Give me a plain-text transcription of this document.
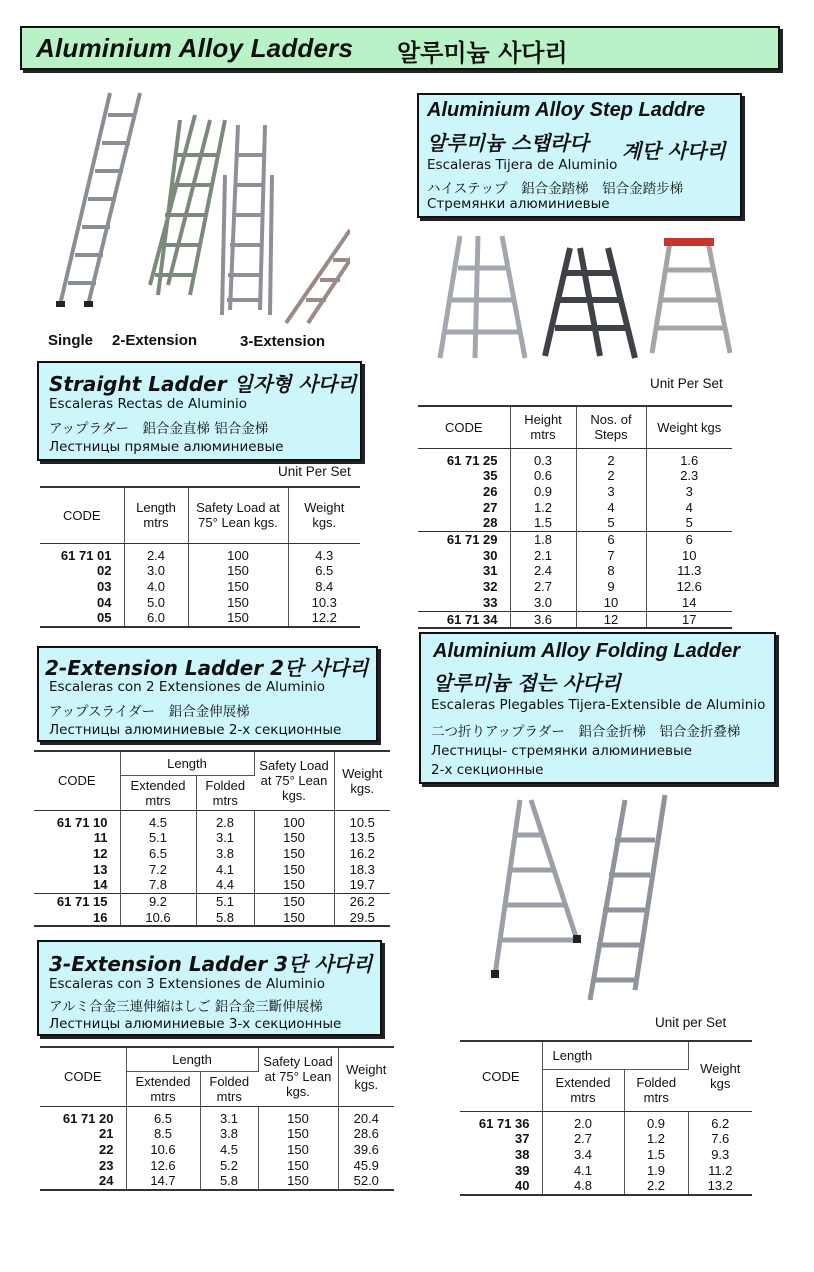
Aluminium Alloy Ladders 알루미늄 사다리
Single 2-Extension	3-Extension
Aluminium Alloy Step Laddre
알루미늄 스탭라다 계단 사다리
Escaleras Tijera de Aluminio
ハイステップ　鋁合金踏梯　铝合金踏步梯
Стремянки алюминиевые
Unit Per Set
CODE	Height mtrs	Nos. of Steps	Weight kgs
61 71 25	0.3	2	1.6
35	0.6	2	2.3
26	0.9	3	3
27	1.2	4	4
28	1.5	5	5
61 71 29	1.8	6	6
30	2.1	7	10
31	2.4	8	11.3
32	2.7	9	12.6
33	3.0	10	14
61 71 34	3.6	12	17
Straight Ladder 일자형 사다리
Escaleras Rectas de Aluminio
アップラダー　鋁合金直梯 铝合金梯
Лестницы прямые алюминиевые
Unit Per Set
CODE	Length mtrs	Safety Load at 75° Lean kgs.	Weight kgs.
61 71 01	2.4	100	4.3
02	3.0	150	6.5
03	4.0	150	8.4
04	5.0	150	10.3
05	6.0	150	12.2
2-Extension Ladder 2단 사다리
Escaleras con 2 Extensiones de Aluminio
アップスライダー　鋁合金伸展梯
Лестницы алюминиевые 2-х секционные
CODE	Length		Safety Load at 75° Lean kgs.	Weight kgs.
	Extended mtrs	Folded mtrs		
61 71 10	4.5	2.8	100	10.5
11	5.1	3.1	150	13.5
12	6.5	3.8	150	16.2
13	7.2	4.1	150	18.3
14	7.8	4.4	150	19.7
61 71 15	9.2	5.1	150	26.2
16	10.6	5.8	150	29.5
3-Extension Ladder 3단 사다리
Escaleras con 3 Extensiones de Aluminio
アルミ合金三連伸縮はしご 鋁合金三斷伸展梯
Лестницы алюминиевые 3-х секционные
CODE	Length		Safety Load at 75° Lean kgs.	Weight kgs.
	Extended mtrs	Folded mtrs		
61 71 20	6.5	3.1	150	20.4
21	8.5	3.8	150	28.6
22	10.6	4.5	150	39.6
23	12.6	5.2	150	45.9
24	14.7	5.8	150	52.0
Aluminium Alloy Folding Ladder
알루미늄 접는 사다리
Escaleras Plegables Tijera-Extensible de Aluminio
二つ折りアップラダー　鋁合金折梯　铝合金折叠梯
Лестницы- стремянки алюминиевые
2-х секционные
Unit per Set
CODE	Length		Weight kgs
	Extended mtrs	Folded mtrs	
61 71 36	2.0	0.9	6.2
37	2.7	1.2	7.6
38	3.4	1.5	9.3
39	4.1	1.9	11.2
40	4.8	2.2	13.2
